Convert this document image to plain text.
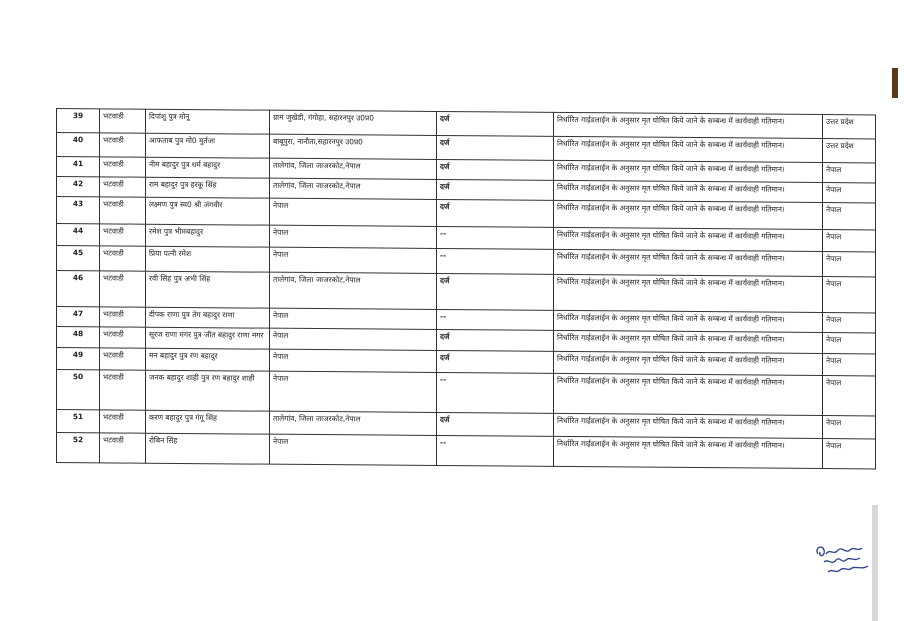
39	भटवाडी	दिपांशु पुत्र मोनू	ग्राम जुखेडी, गंगोहा, सहारनपुर उ0प्र0	दर्ज	निर्धारित गाईडलाईन के अनुसार मृत घोषित किये जाने के सम्बन्ध में कार्यवाही गतिमान।	उत्तर प्रदेश
40	भटवाडी	आफताब पुत्र मो0 मुर्तजा	बाबूपुरा, नानौता,सहारनपुर उ0प्र0	दर्ज	निर्धारित गाईडलाईन के अनुसार मृत घोषित किये जाने के सम्बन्ध में कार्यवाही गतिमान।	उत्तर प्रदेश
41	भटवाडी	नीम बहादुर पुत्र धर्म बहादुर	तालेगांव, जिला जाजरकोट,नेपाल	दर्ज	निर्धारित गाईडलाईन के अनुसार मृत घोषित किये जाने के सम्बन्ध में कार्यवाही गतिमान।	नेपाल
42	भटवाडी	राम बहादुर पुत्र हरकू सिंह	तालेगांव, जिला जाजरकोट,नेपाल	दर्ज	निर्धारित गाईडलाईन के अनुसार मृत घोषित किये जाने के सम्बन्ध में कार्यवाही गतिमान।	नेपाल
43	भटवाडी	लक्ष्मण पुत्र स्व0 श्री जंगवीर	नेपाल	दर्ज	निर्धारित गाईडलाईन के अनुसार मृत घोषित किये जाने के सम्बन्ध में कार्यवाही गतिमान।	नेपाल
44	भटवाडी	रमेश पुत्र भीमबहादुर	नेपाल	--	निर्धारित गाईडलाईन के अनुसार मृत घोषित किये जाने के सम्बन्ध में कार्यवाही गतिमान।	नेपाल
45	भटवाडी	प्रिया पत्नी रमेश	नेपाल	--	निर्धारित गाईडलाईन के अनुसार मृत घोषित किये जाने के सम्बन्ध में कार्यवाही गतिमान।	नेपाल
46	भटवाडी	रवी सिंह पुत्र अभी सिंह	तालेगांव, जिला जाजरकोट,नेपाल	दर्ज	निर्धारित गाईडलाईन के अनुसार मृत घोषित किये जाने के सम्बन्ध में कार्यवाही गतिमान।	नेपाल
47	भटवाडी	दीपक राणा पुत्र तेग बहादुर राणा	नेपाल	--	निर्धारित गाईडलाईन के अनुसार मृत घोषित किये जाने के सम्बन्ध में कार्यवाही गतिमान।	नेपाल
48	भटवाडी	सूरज राणा मगर पुत्र जीत बहादुर राणा मगर	नेपाल	दर्ज	निर्धारित गाईडलाईन के अनुसार मृत घोषित किये जाने के सम्बन्ध में कार्यवाही गतिमान।	नेपाल
49	भटवाडी	मन बहादुर पुत्र रण बहादुर	नेपाल	दर्ज	निर्धारित गाईडलाईन के अनुसार मृत घोषित किये जाने के सम्बन्ध में कार्यवाही गतिमान।	नेपाल
50	भटवाडी	जनक बहादुर शाही पुत्र रण बहादुर शाही	नेपाल	--	निर्धारित गाईडलाईन के अनुसार मृत घोषित किये जाने के सम्बन्ध में कार्यवाही गतिमान।	नेपाल
51	भटवाडी	करण बहादुर पुत्र गंगू सिंह	तालेगांव, जिला जाजरकोट,नेपाल	दर्ज	निर्धारित गाईडलाईन के अनुसार मृत घोषित किये जाने के सम्बन्ध में कार्यवाही गतिमान।	नेपाल
52	भटवाडी	रोबिन सिंह	नेपाल	--	निर्धारित गाईडलाईन के अनुसार मृत घोषित किये जाने के सम्बन्ध में कार्यवाही गतिमान।	नेपाल
